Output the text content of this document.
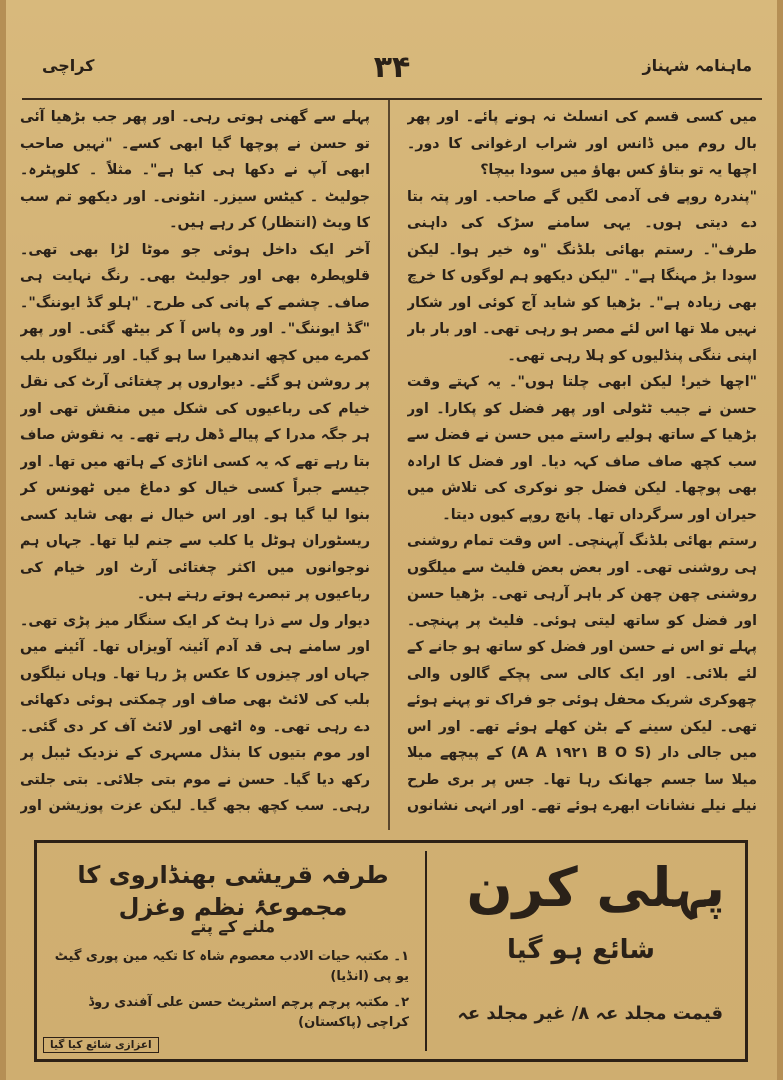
ماہنامہ شہناز
۳۴
کراچی

میں کسی قسم کی انسلٹ نہ ہونے پائے۔ اور پھر بال روم میں ڈانس اور شراب ارغوانی کا دور۔ اچھا یہ تو بتاؤ کس بھاؤ میں سودا بیچا؟

"پندرہ روپے فی آدمی لگیں گے صاحب۔ اور پتہ بتا دے دیتی ہوں۔ یہی سامنے سڑک کی داہنی طرف"۔ رستم بھائی بلڈنگ "وہ خیر ہوا۔ لیکن سودا بڑ مہنگا ہے"۔ "لیکن دیکھو ہم لوگوں کا خرچ بھی زیادہ ہے"۔ بڑھیا کو شاید آج کوئی اور شکار نہیں ملا تھا اس لئے مصر ہو رہی تھی۔ اور بار بار اپنی ننگی پنڈلیوں کو ہلا رہی تھی۔

"اچھا خیر! لیکن ابھی چلتا ہوں"۔ یہ کہتے وقت حسن نے جیب ٹٹولی اور پھر فضل کو پکارا۔ اور بڑھیا کے ساتھ ہولیے راستے میں حسن نے فضل سے سب کچھ صاف صاف کہہ دیا۔ اور فضل کا ارادہ بھی پوچھا۔ لیکن فضل جو نوکری کی تلاش میں حیران اور سرگرداں تھا۔ پانچ روپے کیوں دیتا۔

رستم بھائی بلڈنگ آپہنچی۔ اس وقت تمام روشنی ہی روشنی تھی۔ اور بعض بعض فلیٹ سے میلگوں روشنی چھن چھن کر باہر آرہی تھی۔ بڑھیا حسن اور فضل کو ساتھ لیتی ہوئی۔ فلیٹ پر پہنچی۔ پہلے تو اس نے حسن اور فضل کو ساتھ ہو جانے کے لئے بلائی۔ اور ایک کالی سی پچکے گالوں والی چھوکری شریک محفل ہوئی جو فراک تو پہنے ہوئے تھی۔ لیکن سینے کے بٹن کھلے ہوئے تھے۔ اور اس میں جالی دار (A A ۱۹۲۱ B O S) کے پیچھے میلا میلا سا جسم جھانک رہا تھا۔ جس پر بری طرح نیلے نیلے نشانات ابھرے ہوئے تھے۔ اور انہی نشانوں

پہلے سے گھنی ہوتی رہی۔ اور پھر جب بڑھیا آئی تو حسن نے پوچھا گیا ابھی کسے۔ "نہیں صاحب ابھی آپ نے دکھا ہی کیا ہے"۔ مثلاً ۔ کلوپٹرہ۔ جولیٹ ۔ کیٹس سیزر۔ انٹونی۔ اور دیکھو تم سب کا ویٹ (انتظار) کر رہے ہیں۔

آخر ایک داخل ہوئی جو موٹا لڑا بھی تھی۔ قلوپطرہ بھی اور جولیٹ بھی۔ رنگ نہایت ہی صاف۔ چشمے کے پانی کی طرح۔ "ہلو گڈ ایوننگ"۔ "گڈ ایوننگ"۔ اور وہ پاس آ کر بیٹھ گئی۔ اور پھر کمرے میں کچھ اندھیرا سا ہو گیا۔ اور نیلگوں بلب پر روشن ہو گئے۔ دیواروں پر چغتائی آرٹ کی نقل خیام کی رباعیوں کی شکل میں منقش تھی اور ہر جگہ مدرا کے پیالے ڈھل رہے تھے۔ یہ نقوش صاف بتا رہے تھے کہ یہ کسی اناڑی کے ہاتھ میں تھا۔ اور جیسے جبراً کسی خیال کو دماغ میں ٹھونس کر بنوا لیا گیا ہو۔ اور اس خیال نے بھی شاید کسی ریسٹوران ہوٹل یا کلب سے جنم لیا تھا۔ جہاں ہم نوجوانوں میں اکثر چغتائی آرٹ اور خیام کی رباعیوں پر تبصرے ہوتے رہتے ہیں۔

دیوار ول سے ذرا ہٹ کر ایک سنگار میز پڑی تھی۔ اور سامنے ہی قد آدم آئینہ آویزاں تھا۔ آئینے میں جہاں اور چیزوں کا عکس پڑ رہا تھا۔ وہاں نیلگوں بلب کی لائٹ بھی صاف اور چمکتی ہوئی دکھائی دے رہی تھی۔ وہ اٹھی اور لائٹ آف کر دی گئی۔ اور موم بتیوں کا بنڈل مسہری کے نزدیک ٹیبل پر رکھ دیا گیا۔ حسن نے موم بتی جلائی۔ بتی جلتی رہی۔ سب کچھ بجھ گیا۔ لیکن عزت پوزیشن اور

پہلی کرن
شائع ہو گیا
قیمت مجلد عہ ۸/ غیر مجلد عہ
طرفہ قریشی بھنڈاروی کا مجموعۂ نظم وغزل
ملنے کے پتے
۱۔ مکتبہ حیات الادب معصوم شاہ کا تکیہ مین پوری گیٹ یو پی (انڈیا)
۲۔ مکتبہ پرچم پرچم اسٹریٹ حسن علی آفندی روڈ کراچی (پاکستان)
اعزازی شائع کیا گیا
